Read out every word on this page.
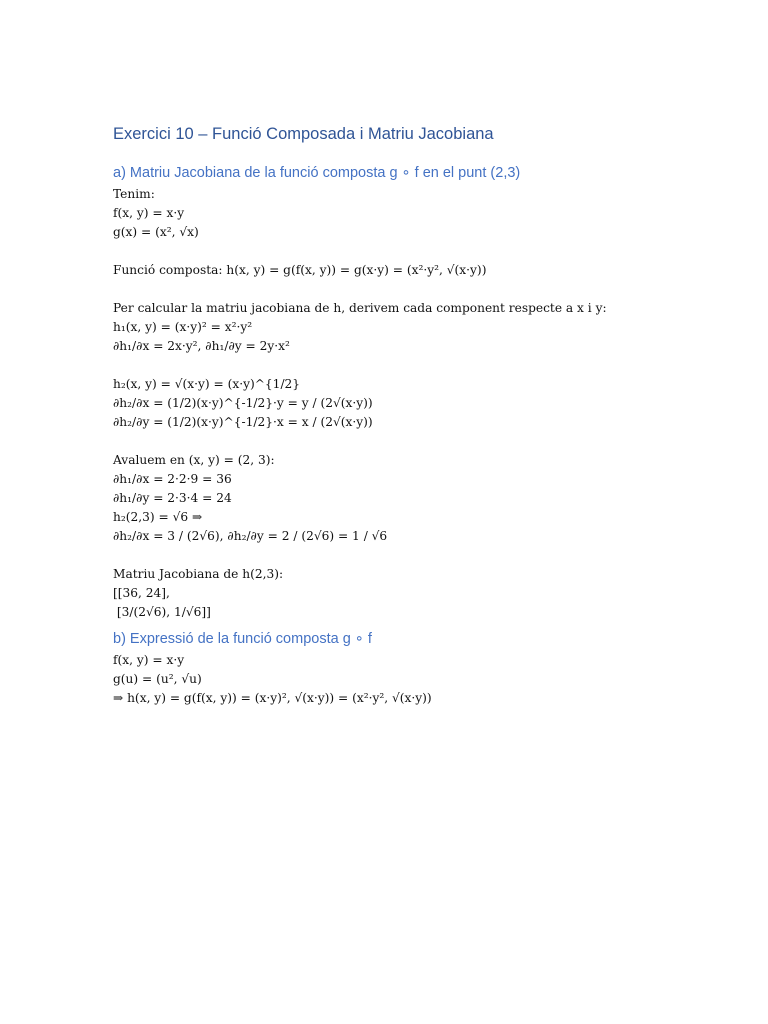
Exercici 10 – Funció Composada i Matriu Jacobiana
a) Matriu Jacobiana de la funció composta g ∘ f en el punt (2,3)
Tenim:
f(x, y) = x·y
g(x) = (x², √x)
Funció composta: h(x, y) = g(f(x, y)) = g(x·y) = (x²·y², √(x·y))
Per calcular la matriu jacobiana de h, derivem cada component respecte a x i y:
h₁(x, y) = (x·y)² = x²·y²
∂h₁/∂x = 2x·y², ∂h₁/∂y = 2y·x²
h₂(x, y) = √(x·y) = (x·y)^{1/2}
∂h₂/∂x = (1/2)(x·y)^{-1/2}·y = y / (2√(x·y))
∂h₂/∂y = (1/2)(x·y)^{-1/2}·x = x / (2√(x·y))
Avaluem en (x, y) = (2, 3):
∂h₁/∂x = 2·2·9 = 36
∂h₁/∂y = 2·3·4 = 24
h₂(2,3) = √6 ⇒
∂h₂/∂x = 3 / (2√6), ∂h₂/∂y = 2 / (2√6) = 1 / √6
Matriu Jacobiana de h(2,3):
[[36, 24],
[3/(2√6), 1/√6]]
b) Expressió de la funció composta g ∘ f
f(x, y) = x·y
g(u) = (u², √u)
⇒ h(x, y) = g(f(x, y)) = (x·y)², √(x·y)) = (x²·y², √(x·y))
